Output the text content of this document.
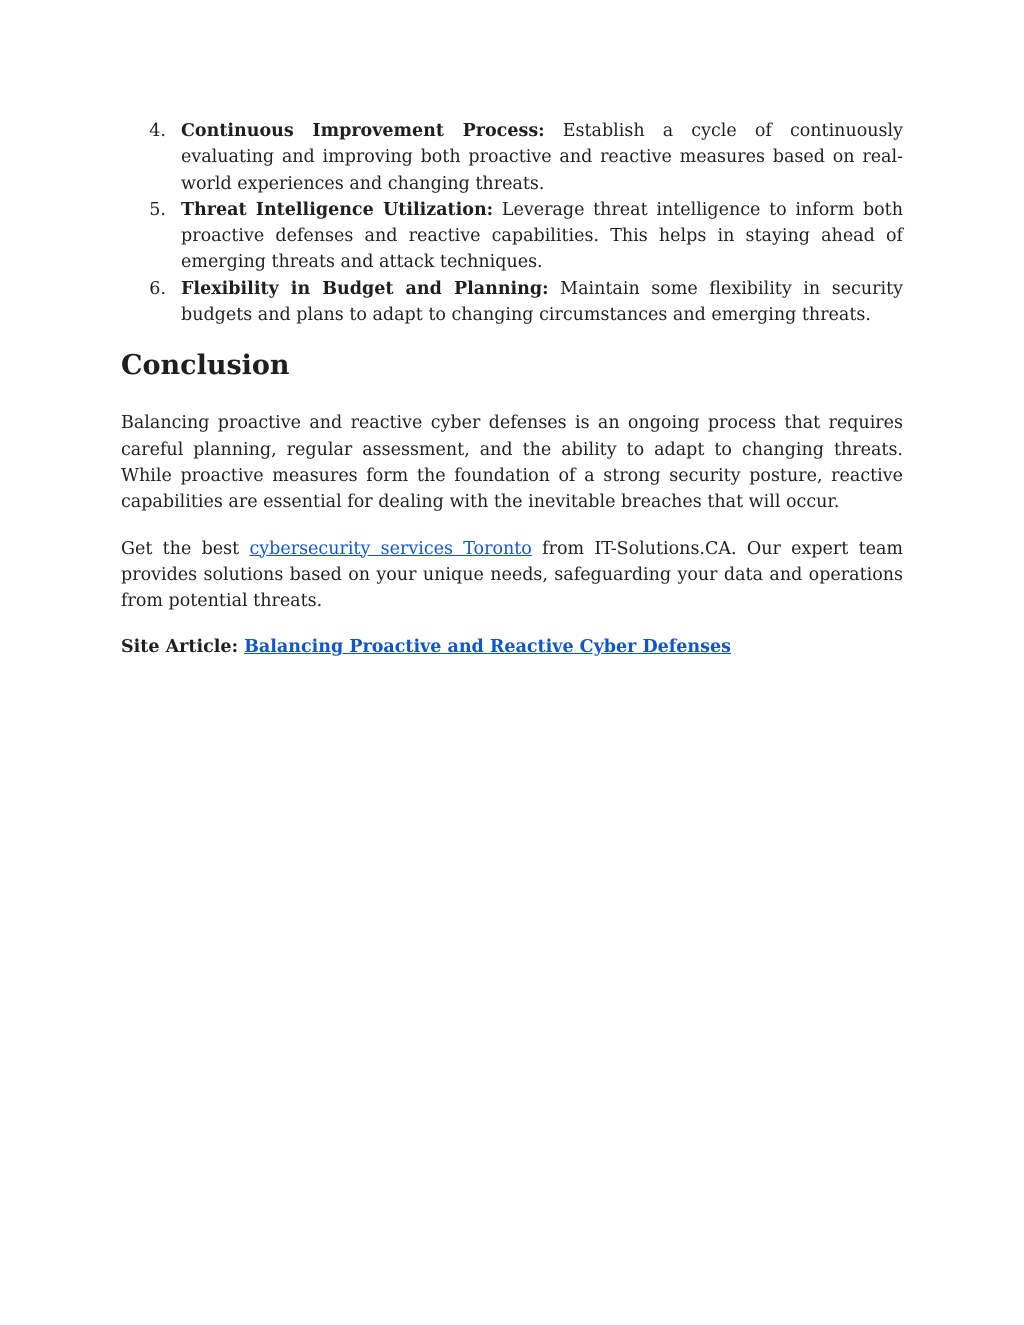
4. Continuous Improvement Process: Establish a cycle of continuously evaluating and improving both proactive and reactive measures based on real-world experiences and changing threats.
5. Threat Intelligence Utilization: Leverage threat intelligence to inform both proactive defenses and reactive capabilities. This helps in staying ahead of emerging threats and attack techniques.
6. Flexibility in Budget and Planning: Maintain some flexibility in security budgets and plans to adapt to changing circumstances and emerging threats.
Conclusion

Balancing proactive and reactive cyber defenses is an ongoing process that requires careful planning, regular assessment, and the ability to adapt to changing threats. While proactive measures form the foundation of a strong security posture, reactive capabilities are essential for dealing with the inevitable breaches that will occur.

Get the best cybersecurity services Toronto from IT-Solutions.CA. Our expert team provides solutions based on your unique needs, safeguarding your data and operations from potential threats.

Site Article: Balancing Proactive and Reactive Cyber Defenses
